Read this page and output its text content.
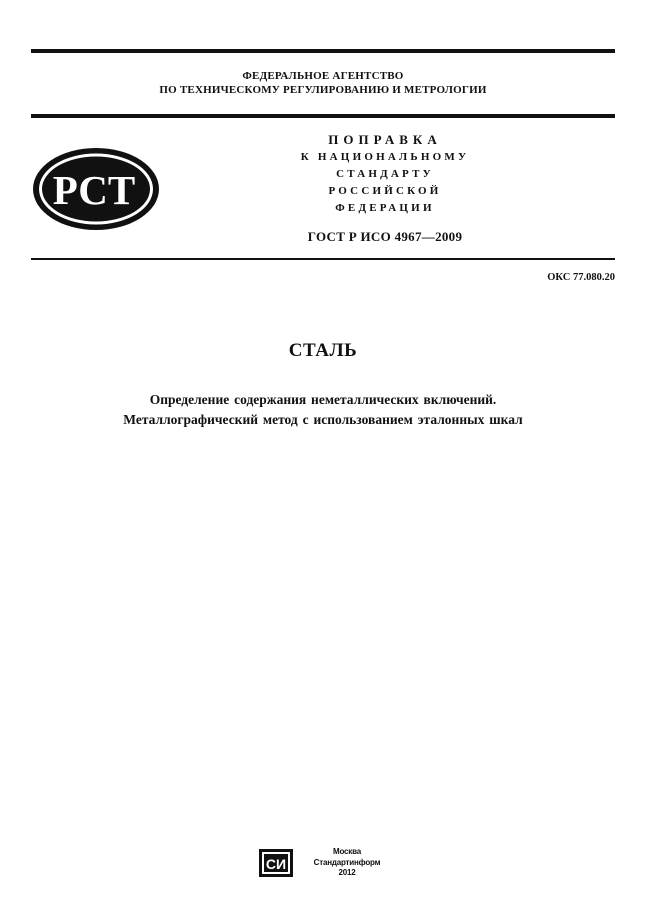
ФЕДЕРАЛЬНОЕ АГЕНТСТВО
ПО ТЕХНИЧЕСКОМУ РЕГУЛИРОВАНИЮ И МЕТРОЛОГИИ
РСТ
ПОПРАВКА
К НАЦИОНАЛЬНОМУ
СТАНДАРТУ
РОССИЙСКОЙ
ФЕДЕРАЦИИ
ГОСТ Р ИСО 4967—2009
ОКС 77.080.20
СТАЛЬ
Определение содержания неметаллических включений.
Металлографический метод с использованием эталонных шкал
СИ
Москва
Стандартинформ
2012
